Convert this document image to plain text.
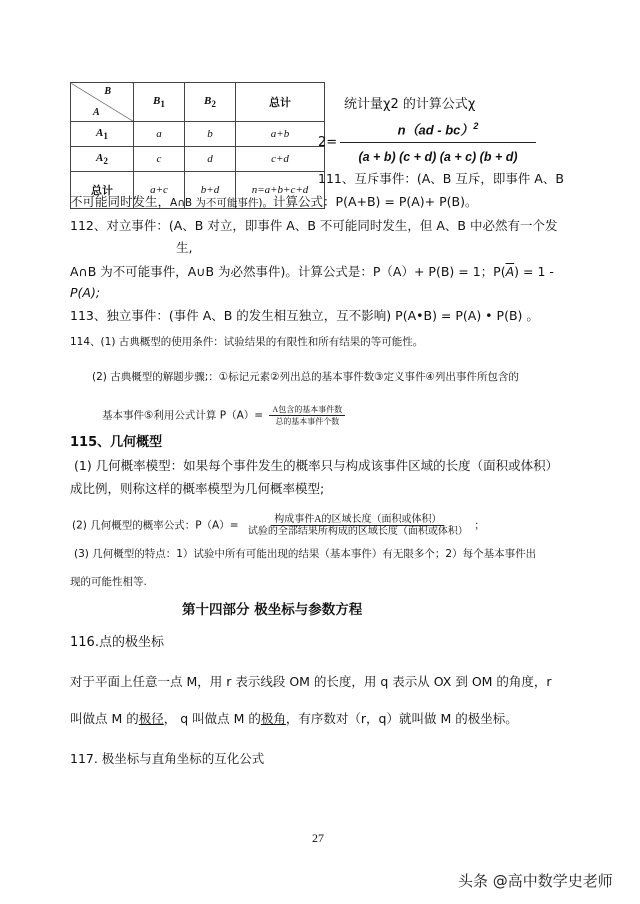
B
A	$B_1$	$B_2$	总计
$A_1$	a	b	a+b
$A_2$	c	d	c+d
总计	a+c	b+d	n=a+b+c+d
统计量χ2 的计算公式χ
n（ad - bc）$^2$
(a + b) (c + d) (a + c) (b + d)
2=
111、互斥事件：(A、B 互斥，即事件 A、B
不可能同时发生，A∩B 为不可能事件)。计算公式：P(A+B) = P(A)+ P(B)。
112、对立事件：(A、B 对立，即事件 A、B 不可能同时发生，但 A、B 中必然有一个发
生,
A∩B 为不可能事件，A∪B 为必然事件)。计算公式是：P（A）+ P(B) = 1；$P(\overline{A}) = 1$ -
P(A);
113、独立事件：(事件 A、B 的发生相互独立，互不影响) P(A•B) = P(A) • P(B) 。
114、(1) 古典概型的使用条件：试验结果的有限性和所有结果的等可能性。
(2) 古典概型的解题步骤;：①标记元素②列出总的基本事件数③定义事件④列出事件所包含的
基本事件⑤利用公式计算 $P(A)= \frac{\text{A包含的基本事件数}}{\text{总的基本事件个数}}$
115、几何概型
(1) 几何概率模型：如果每个事件发生的概率只与构成该事件区域的长度（面积或体积）
成比例，则称这样的概率模型为几何概率模型;
(2) 几何概型的概率公式：$P(A)= \frac{\text{构成事件A的区域长度（面积或体积）}}{\text{试验的全部结果所构成的区域长度（面积或体积）}}$ ；
(3) 几何概型的特点：1）试验中所有可能出现的结果（基本事件）有无限多个；2）每个基本事件出
现的可能性相等.
第十四部分 极坐标与参数方程
116.点的极坐标
对于平面上任意一点 M，用 r 表示线段 OM 的长度，用 q 表示从 OX 到 OM 的角度，r
叫做点 M 的极径， q 叫做点 M 的极角，有序数对（r，q）就叫做 M 的极坐标。
117. 极坐标与直角坐标的互化公式
27
头条 @高中数学史老师
